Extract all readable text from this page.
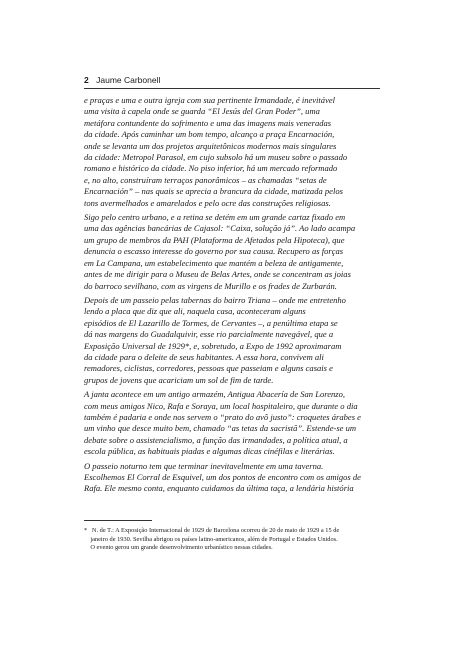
2 Jaume Carbonell

e praças e uma e outra igreja com sua pertinente Irmandade, é inevitável
uma visita à capela onde se guarda “El Jesús del Gran Poder”, uma
metáfora contundente do sofrimento e uma das imagens mais veneradas
da cidade. Após caminhar um bom tempo, alcanço a praça Encarnación,
onde se levanta um dos projetos arquitetônicos modernos mais singulares
da cidade: Metropol Parasol, em cujo subsolo há um museu sobre o passado
romano e histórico da cidade. No piso inferior, há um mercado reformado
e, no alto, construíram terraços panorâmicos – as chamadas “setas de
Encarnación” – nas quais se aprecia a brancura da cidade, matizada pelos
tons avermelhados e amarelados e pelo ocre das construções religiosas.

Sigo pelo centro urbano, e a retina se detém em um grande cartaz fixado em
uma das agências bancárias de Cajasol: “Caixa, solução já”. Ao lado acampa
um grupo de membros da PAH (Plataforma de Afetados pela Hipoteca), que
denuncia o escasso interesse do governo por sua causa. Recupero as forças
em La Campana, um estabelecimento que mantém a beleza de antigamente,
antes de me dirigir para o Museu de Belas Artes, onde se concentram as joias
do barroco sevilhano, com as virgens de Murillo e os frades de Zurbarán.

Depois de um passeio pelas tabernas do bairro Triana – onde me entretenho
lendo a placa que diz que ali, naquela casa, aconteceram alguns
episódios de El Lazarillo de Tormes, de Cervantes –, a penúltima etapa se
dá nas margens do Guadalquivir, esse rio parcialmente navegável, que a
Exposição Universal de 1929*, e, sobretudo, a Expo de 1992 aproximaram
da cidade para o deleite de seus habitantes. A essa hora, convivem ali
remadores, ciclistas, corredores, pessoas que passeiam e alguns casais e
grupos de jovens que acariciam um sol de fim de tarde.

A janta acontece em um antigo armazém, Antigua Abacería de San Lorenzo,
com meus amigos Nico, Rafa e Soraya, um local hospitaleiro, que durante o dia
também é padaria e onde nos servem o “prato do avô justo”: croquetes árabes e
um vinho que desce muito bem, chamado “as tetas da sacristã”. Estende-se um
debate sobre o assistencialismo, a função das irmandades, a política atual, a
escola pública, as habituais piadas e algumas dicas cinéfilas e literárias.

O passeio noturno tem que terminar inevitavelmente em uma taverna.
Escolhemos El Corral de Esquivel, um dos pontos de encontro com os amigos de
Rafa. Ele mesmo conta, enquanto cuidamos da última taça, a lendária história

*   N. de T.: A Exposição Internacional de 1929 de Barcelona ocorreu de 20 de maio de 1929 a 15 de
janeiro de 1930. Sevilha abrigou os países latino-americanos, além de Portugal e Estados Unidos.
O evento gerou um grande desenvolvimento urbanístico nessas cidades.
